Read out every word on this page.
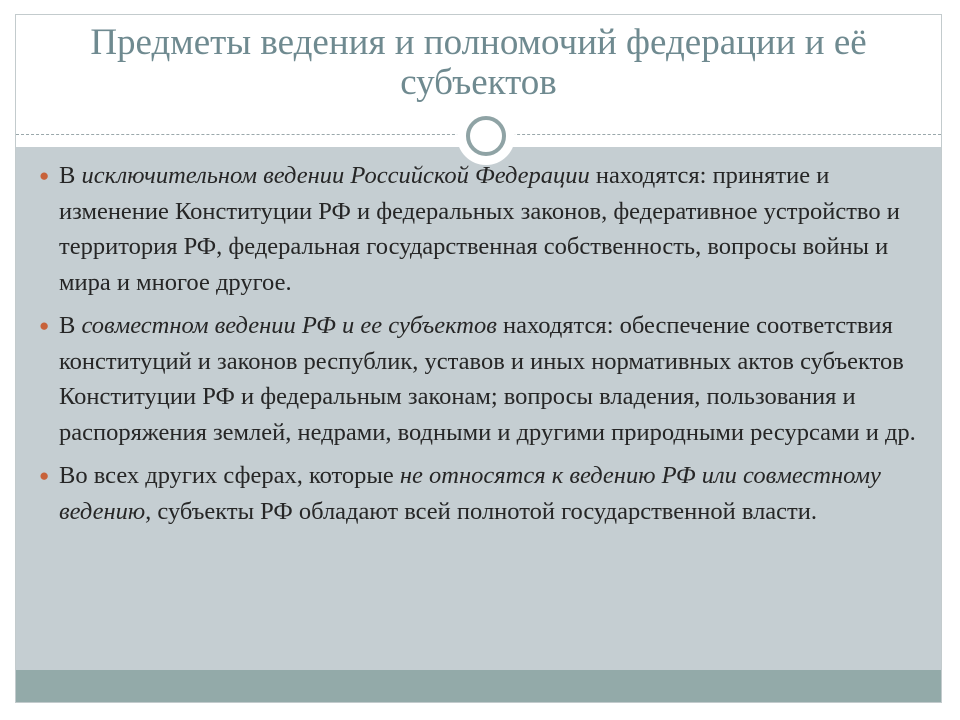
Предметы ведения и полномочий федерации и её субъектов
● В исключительном ведении Российской Федерации находятся: принятие и изменение Конституции РФ и федеральных законов, федеративное устройство и территория РФ, федеральная государственная собственность, вопросы войны и мира и многое другое.
● В совместном ведении РФ и ее субъектов находятся: обеспечение соответствия конституций и законов республик, уставов и иных нормативных актов субъектов Конституции РФ и федеральным законам; вопросы владения, пользования и распоряжения землей, недрами, водными и другими природными ресурсами и др.
● Во всех других сферах, которые не относятся к ведению РФ или совместному ведению, субъекты РФ обладают всей полнотой государственной власти.
